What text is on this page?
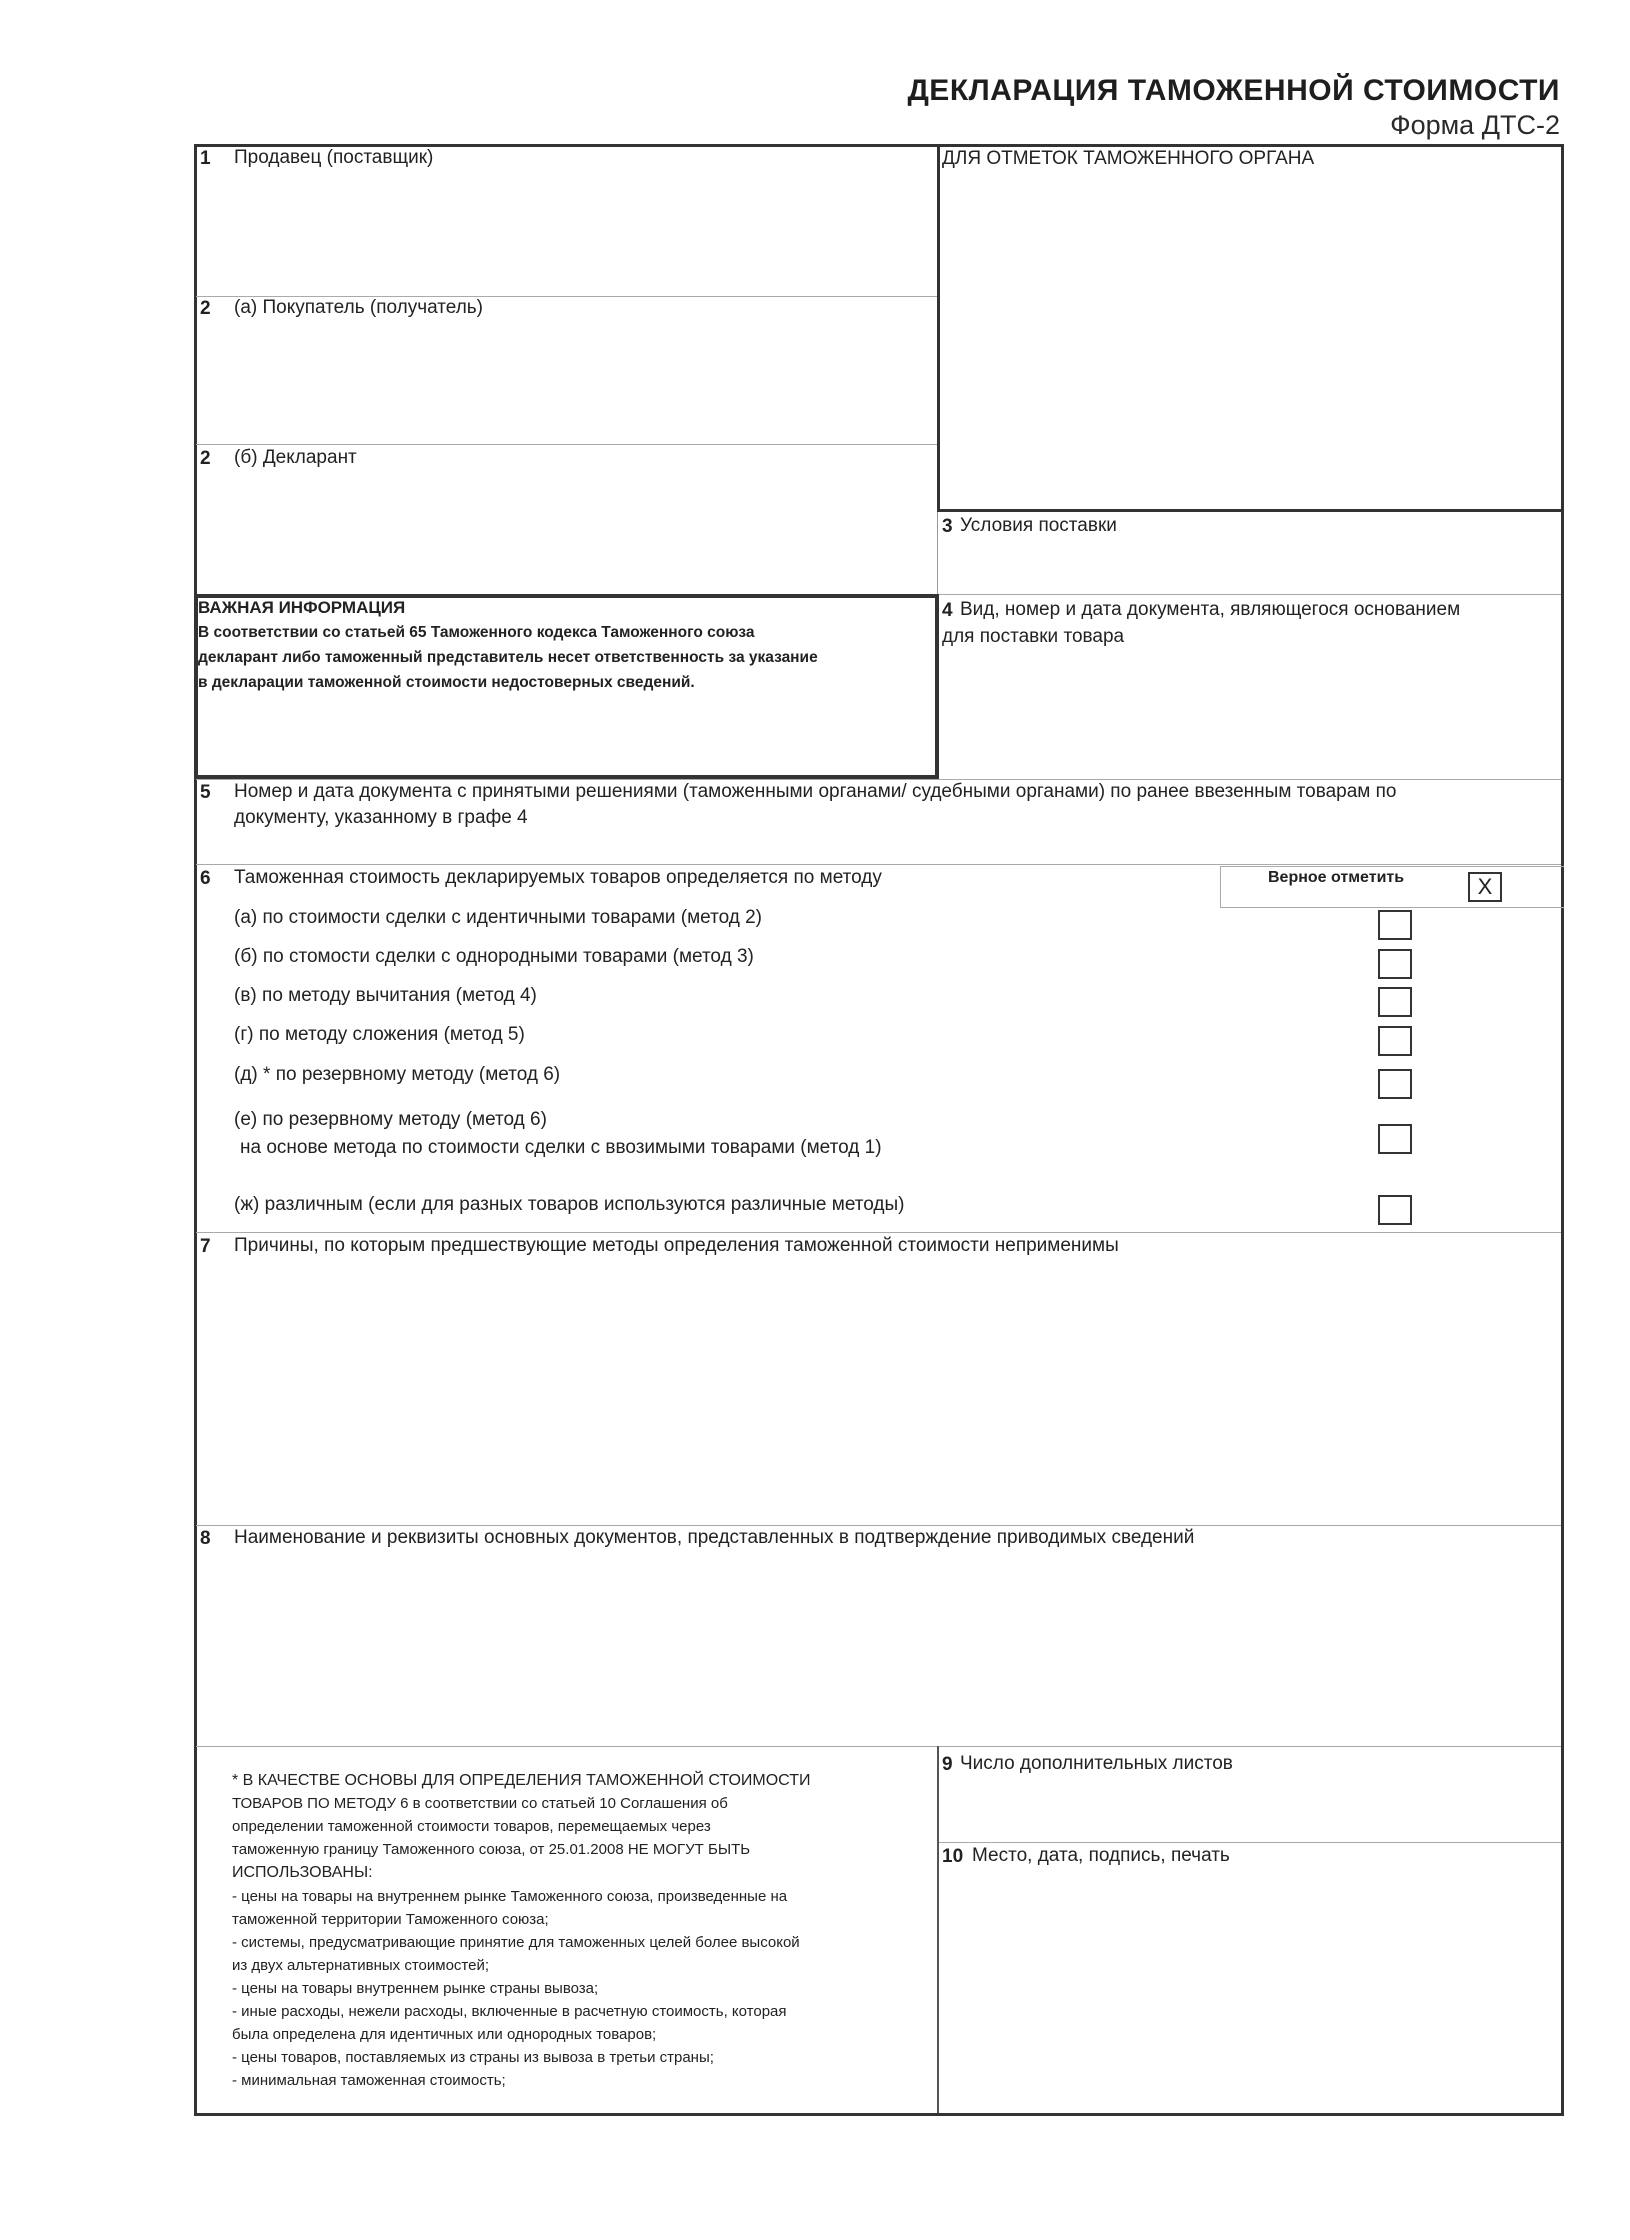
ДЕКЛАРАЦИЯ ТАМОЖЕННОЙ СТОИМОСТИ
Форма ДТС-2
1 Продавец (поставщик)
2 (а) Покупатель (получатель)
2 (б) Декларант
ДЛЯ ОТМЕТОК ТАМОЖЕННОГО ОРГАНА
3 Условия поставки
ВАЖНАЯ ИНФОРМАЦИЯ
В соответствии со статьей 65 Таможенного кодекса Таможенного союза
декларант либо таможенный представитель несет ответственность за указание
в декларации таможенной стоимости недостоверных сведений.
4 Вид, номер и дата документа, являющегося основанием
для поставки товара
5 Номер и дата документа с принятыми решениями (таможенными органами/ судебными органами) по ранее ввезенным товарам по
документу, указанному в графе 4
6 Таможенная стоимость декларируемых товаров определяется по методу	Верное отметить	X
(а) по стоимости сделки с идентичными товарами (метод 2)
(б) по стомости сделки с однородными товарами (метод 3)
(в) по методу вычитания (метод 4)
(г) по методу сложения (метод 5)
(д) * по резервному методу (метод 6)
(е) по резервному методу (метод 6)
на основе метода по стоимости сделки с ввозимыми товарами (метод 1)
(ж) различным (если для разных товаров используются различные методы)
7 Причины, по которым предшествующие методы определения таможенной стоимости неприменимы
8 Наименование и реквизиты основных документов, представленных в подтверждение приводимых сведений
* В КАЧЕСТВЕ ОСНОВЫ ДЛЯ ОПРЕДЕЛЕНИЯ ТАМОЖЕННОЙ СТОИМОСТИ
ТОВАРОВ ПО МЕТОДУ 6 в соответствии со статьей 10 Соглашения об
определении таможенной стоимости товаров, перемещаемых через
таможенную границу Таможенного союза, от 25.01.2008 НЕ МОГУТ БЫТЬ
ИСПОЛЬЗОВАНЫ:
- цены на товары на внутреннем рынке Таможенного союза, произведенные на
таможенной территории Таможенного союза;
- системы, предусматривающие принятие для таможенных целей более высокой
из двух альтернативных стоимостей;
- цены на товары внутреннем рынке страны вывоза;
- иные расходы, нежели расходы, включенные в расчетную стоимость, которая
была определена для идентичных или однородных товаров;
- цены товаров, поставляемых из страны из вывоза в третьи страны;
- минимальная таможенная стоимость;
9 Число дополнительных листов
10 Место, дата, подпись, печать
